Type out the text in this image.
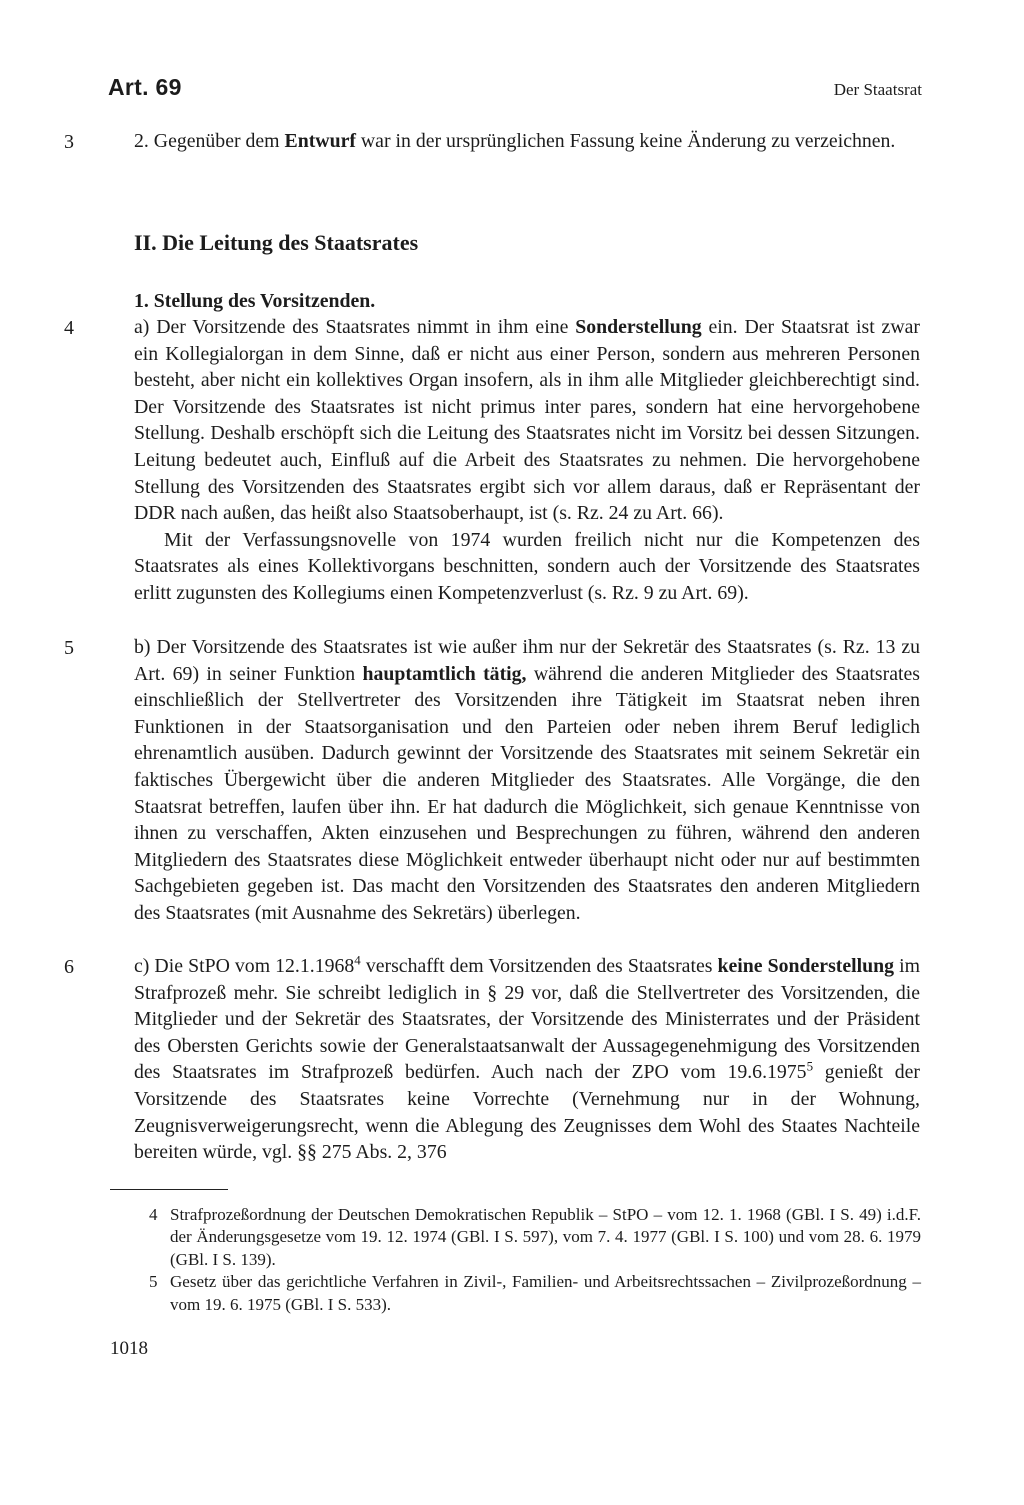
Art. 69	Der Staatsrat
3	2. Gegenüber dem Entwurf war in der ursprünglichen Fassung keine Änderung zu verzeichnen.

II. Die Leitung des Staatsrates

1. Stellung des Vorsitzenden.

4	a) Der Vorsitzende des Staatsrates nimmt in ihm eine Sonderstellung ein. Der Staatsrat ist zwar ein Kollegialorgan in dem Sinne, daß er nicht aus einer Person, sondern aus mehreren Personen besteht, aber nicht ein kollektives Organ insofern, als in ihm alle Mitglieder gleichberechtigt sind. Der Vorsitzende des Staatsrates ist nicht primus inter pares, sondern hat eine hervorgehobene Stellung. Deshalb erschöpft sich die Leitung des Staatsrates nicht im Vorsitz bei dessen Sitzungen. Leitung bedeutet auch, Einfluß auf die Arbeit des Staatsrates zu nehmen. Die hervorgehobene Stellung des Vorsitzenden des Staatsrates ergibt sich vor allem daraus, daß er Repräsentant der DDR nach außen, das heißt also Staatsoberhaupt, ist (s. Rz. 24 zu Art. 66).

Mit der Verfassungsnovelle von 1974 wurden freilich nicht nur die Kompetenzen des Staatsrates als eines Kollektivorgans beschnitten, sondern auch der Vorsitzende des Staatsrates erlitt zugunsten des Kollegiums einen Kompetenzverlust (s. Rz. 9 zu Art. 69).

5	b) Der Vorsitzende des Staatsrates ist wie außer ihm nur der Sekretär des Staatsrates (s. Rz. 13 zu Art. 69) in seiner Funktion hauptamtlich tätig, während die anderen Mitglieder des Staatsrates einschließlich der Stellvertreter des Vorsitzenden ihre Tätigkeit im Staatsrat neben ihren Funktionen in der Staatsorganisation und den Parteien oder neben ihrem Beruf lediglich ehrenamtlich ausüben. Dadurch gewinnt der Vorsitzende des Staatsrates mit seinem Sekretär ein faktisches Übergewicht über die anderen Mitglieder des Staatsrates. Alle Vorgänge, die den Staatsrat betreffen, laufen über ihn. Er hat dadurch die Möglichkeit, sich genaue Kenntnisse von ihnen zu verschaffen, Akten einzusehen und Besprechungen zu führen, während den anderen Mitgliedern des Staatsrates diese Möglichkeit entweder überhaupt nicht oder nur auf bestimmten Sachgebieten gegeben ist. Das macht den Vorsitzenden des Staatsrates den anderen Mitgliedern des Staatsrates (mit Ausnahme des Sekretärs) überlegen.

6	c) Die StPO vom 12.1.1968$^4$ verschafft dem Vorsitzenden des Staatsrates keine Sonderstellung im Strafprozeß mehr. Sie schreibt lediglich in § 29 vor, daß die Stellvertreter des Vorsitzenden, die Mitglieder und der Sekretär des Staatsrates, der Vorsitzende des Ministerrates und der Präsident des Obersten Gerichts sowie der Generalstaatsanwalt der Aussagegenehmigung des Vorsitzenden des Staatsrates im Strafprozeß bedürfen. Auch nach der ZPO vom 19.6.1975$^5$ genießt der Vorsitzende des Staatsrates keine Vorrechte (Vernehmung nur in der Wohnung, Zeugnisverweigerungsrecht, wenn die Ablegung des Zeugnisses dem Wohl des Staates Nachteile bereiten würde, vgl. §§ 275 Abs. 2, 376

4 Strafprozeßordnung der Deutschen Demokratischen Republik – StPO – vom 12. 1. 1968 (GBl. I S. 49) i.d.F. der Änderungsgesetze vom 19. 12. 1974 (GBl. I S. 597), vom 7. 4. 1977 (GBl. I S. 100) und vom 28. 6. 1979 (GBl. I S. 139).

5 Gesetz über das gerichtliche Verfahren in Zivil-, Familien- und Arbeitsrechtssachen – Zivilprozeßordnung – vom 19. 6. 1975 (GBl. I S. 533).

1018
